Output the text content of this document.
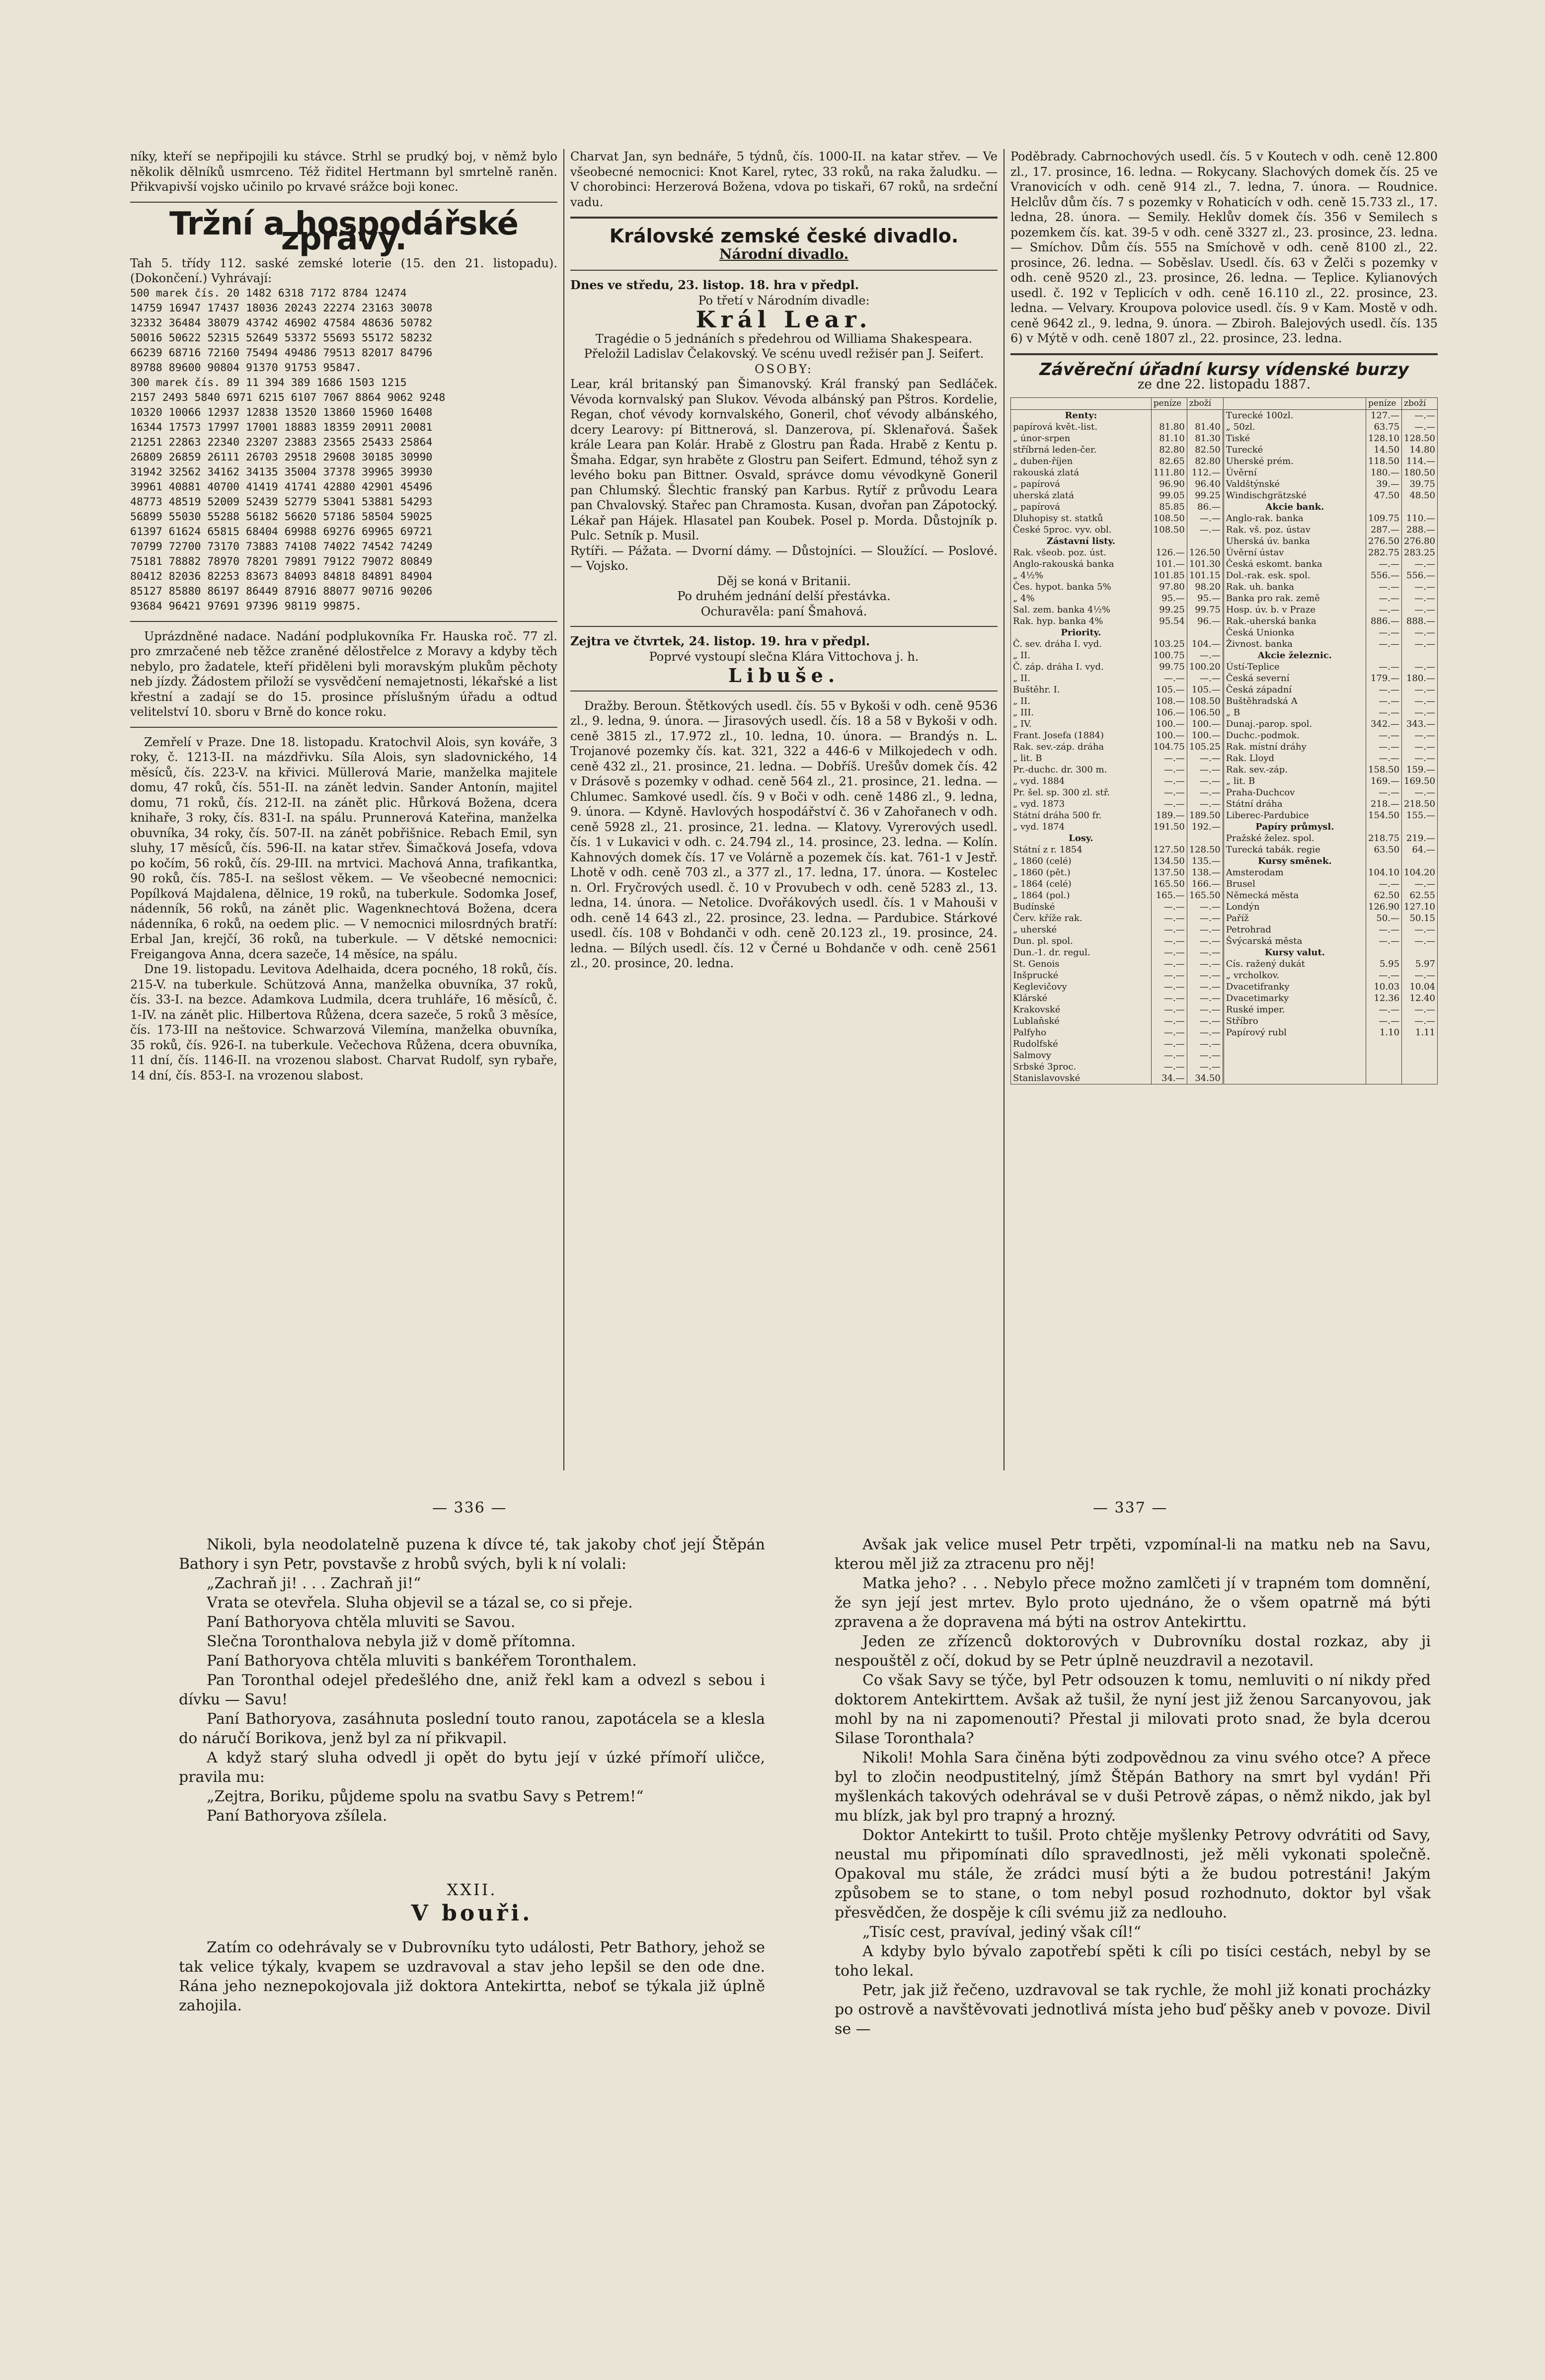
níky, kteří se nepřipojili ku stávce. Strhl se prudký boj, v němž bylo několik dělníků usmrceno. Též řiditel Hertmann byl smrtelně raněn. Přikvapivší vojsko učinilo po krvavé srážce boji konec.

Tržní a hospodářské zprávy.

Tah 5. třídy 112. saské zemské loterie (15. den 21. listopadu). (Dokončení.) Vyhrávají:

500 marek čís. 20 1482 6318 7172 8784 12474
14759 16947 17437 18036 20243 22274 23163 30078
32332 36484 38079 43742 46902 47584 48636 50782
50016 50622 52315 52649 53372 55693 55172 58232
66239 68716 72160 75494 49486 79513 82017 84796
89788 89600 90804 91370 91753 95847.
300 marek čís. 89 11 394 389 1686 1503 1215
2157 2493 5840 6971 6215 6107 7067 8864 9062 9248
10320 10066 12937 12838 13520 13860 15960 16408
16344 17573 17997 17001 18883 18359 20911 20081
21251 22863 22340 23207 23883 23565 25433 25864
26809 26859 26111 26703 29518 29608 30185 30990
31942 32562 34162 34135 35004 37378 39965 39930
39961 40881 40700 41419 41741 42880 42901 45496
48773 48519 52009 52439 52779 53041 53881 54293
56899 55030 55288 56182 56620 57186 58504 59025
61397 61624 65815 68404 69988 69276 69965 69721
70799 72700 73170 73883 74108 74022 74542 74249
75181 78882 78970 78201 79891 79122 79072 80849
80412 82036 82253 83673 84093 84818 84891 84904
85127 85880 86197 86449 87916 88077 90716 90206
93684 96421 97691 97396 98119 99875.

Uprázdněné nadace. Nadání podplukovníka Fr. Hauska roč. 77 zl. pro zmrzačené neb těžce zraněné dělostřelce z Moravy a kdyby těch nebylo, pro žadatele, kteří přiděleni byli moravským plukům pěchoty neb jízdy. Žádostem přiloží se vysvědčení nemajetnosti, lékařské a list křestní a zadají se do 15. prosince příslušným úřadu a odtud velitelství 10. sboru v Brně do konce roku.

Zemřelí v Praze. Dne 18. listopadu. Kratochvil Alois, syn kováře, 3 roky, č. 1213-II. na mázdřivku. Síla Alois, syn sladovnického, 14 měsíců, čís. 223-V. na křivici. Müllerová Marie, manželka majitele domu, 47 roků, čís. 551-II. na zánět ledvin. Sander Antonín, majitel domu, 71 roků, čís. 212-II. na zánět plic. Hůrková Božena, dcera knihaře, 3 roky, čís. 831-I. na spálu. Prunnerová Kateřina, manželka obuvníka, 34 roky, čís. 507-II. na zánět pobřišnice. Rebach Emil, syn sluhy, 17 měsíců, čís. 596-II. na katar střev. Šimačková Josefa, vdova po kočím, 56 roků, čís. 29-III. na mrtvici. Machová Anna, trafikantka, 90 roků, čís. 785-I. na sešlost věkem. — Ve všeobecné nemocnici: Popílková Majdalena, dělnice, 19 roků, na tuberkule. Sodomka Josef, nádenník, 56 roků, na zánět plic. Wagenknechtová Božena, dcera nádenníka, 6 roků, na oedem plic. — V nemocnici milosrdných bratří: Erbal Jan, krejčí, 36 roků, na tuberkule. — V dětské nemocnici: Freigangova Anna, dcera sazeče, 14 měsíce, na spálu.

Dne 19. listopadu. Levitova Adelhaida, dcera pocného, 18 roků, čís. 215-V. na tuberkule. Schützová Anna, manželka obuvníka, 37 roků, čís. 33-I. na bezce. Adamkova Ludmila, dcera truhláře, 16 měsíců, č. 1-IV. na zánět plic. Hilbertova Růžena, dcera sazeče, 5 roků 3 měsíce, čís. 173-III na neštovice. Schwarzová Vilemína, manželka obuvníka, 35 roků, čís. 926-I. na tuberkule. Večechova Růžena, dcera obuvníka, 11 dní, čís. 1146-II. na vrozenou slabost. Charvat Rudolf, syn rybaře, 14 dní, čís. 853-I. na vrozenou slabost.

Charvat Jan, syn bednáře, 5 týdnů, čís. 1000-II. na katar střev. — Ve všeobecné nemocnici: Knot Karel, rytec, 33 roků, na raka žaludku. — V chorobinci: Herzerová Božena, vdova po tiskaři, 67 roků, na srdeční vadu.

Královské zemské české divadlo.
Národní divadlo.

Dnes ve středu, 23. listop. 18. hra v předpl.

Po třetí v Národním divadle:

Král Lear.

Tragédie o 5 jednáních s předehrou od Williama Shakespeara.

Přeložil Ladislav Čelakovský. Ve scénu uvedl režisér pan J. Seifert.

OSOBY:

Lear, král britanský pan Šimanovský. Král franský pan Sedláček. Vévoda kornvalský pan Slukov. Vévoda albánský pan Pštros. Kordelie, Regan, choť vévody kornvalského, Goneril, choť vévody albánského, dcery Learovy: pí Bittnerová, sl. Danzerova, pí. Sklenařová. Šašek krále Leara pan Kolár. Hrabě z Glostru pan Řada. Hrabě z Kentu p. Šmaha. Edgar, syn hraběte z Glostru pan Seifert. Edmund, téhož syn z levého boku pan Bittner. Osvald, správce domu vévodkyně Goneril pan Chlumský. Šlechtic franský pan Karbus. Rytíř z průvodu Leara pan Chvalovský. Stařec pan Chramosta. Kusan, dvořan pan Zápotocký. Lékař pan Hájek. Hlasatel pan Koubek. Posel p. Morda. Důstojník p. Pulc. Setník p. Musil.

Rytíři. — Pážata. — Dvorní dámy. — Důstojníci. — Sloužící. — Poslové. — Vojsko.

Děj se koná v Britanii.

Po druhém jednání delší přestávka.

Ochuravěla: paní Šmahová.

Zejtra ve čtvrtek, 24. listop. 19. hra v předpl.

Poprvé vystoupí slečna Klára Vittochova j. h.

Libuše.

Dražby. Beroun. Štětkových usedl. čís. 55 v Bykoši v odh. ceně 9536 zl., 9. ledna, 9. února. — Jirasových usedl. čís. 18 a 58 v Bykoši v odh. ceně 3815 zl., 17.972 zl., 10. ledna, 10. února. — Brandýs n. L. Trojanové pozemky čís. kat. 321, 322 a 446-6 v Milkojedech v odh. ceně 432 zl., 21. prosince, 21. ledna. — Dobříš. Urešův domek čís. 42 v Drásově s pozemky v odhad. ceně 564 zl., 21. prosince, 21. ledna. — Chlumec. Samkové usedl. čís. 9 v Boči v odh. ceně 1486 zl., 9. ledna, 9. února. — Kdyně. Havlových hospodářství č. 36 v Zahořanech v odh. ceně 5928 zl., 21. prosince, 21. ledna. — Klatovy. Vyrerových usedl. čís. 1 v Lukavici v odh. c. 24.794 zl., 14. prosince, 23. ledna. — Kolín. Kahnových domek čís. 17 ve Volárně a pozemek čís. kat. 761-1 v Jestř. Lhotě v odh. ceně 703 zl., a 377 zl., 17. ledna, 17. února. — Kostelec n. Orl. Fryčrových usedl. č. 10 v Provubech v odh. ceně 5283 zl., 13. ledna, 14. února. — Netolice. Dvořákových usedl. čís. 1 v Mahouši v odh. ceně 14 643 zl., 22. prosince, 23. ledna. — Pardubice. Stárkové usedl. čís. 108 v Bohdanči v odh. ceně 20.123 zl., 19. prosince, 24. ledna. — Bílých usedl. čís. 12 v Černé u Bohdanče v odh. ceně 2561 zl., 20. prosince, 20. ledna.

Poděbrady. Cabrnochových usedl. čís. 5 v Koutech v odh. ceně 12.800 zl., 17. prosince, 16. ledna. — Rokycany. Slachových domek čís. 25 ve Vranovicích v odh. ceně 914 zl., 7. ledna, 7. února. — Roudnice. Helclův dům čís. 7 s pozemky v Rohaticích v odh. ceně 15.733 zl., 17. ledna, 28. února. — Semily. Heklův domek čís. 356 v Semilech s pozemkem čís. kat. 39-5 v odh. ceně 3327 zl., 23. prosince, 23. ledna. — Smíchov. Dům čís. 555 na Smíchově v odh. ceně 8100 zl., 22. prosince, 26. ledna. — Soběslav. Usedl. čís. 63 v Želči s pozemky v odh. ceně 9520 zl., 23. prosince, 26. ledna. — Teplice. Kylianových usedl. č. 192 v Teplicích v odh. ceně 16.110 zl., 22. prosince, 23. ledna. — Velvary. Kroupova polovice usedl. čís. 9 v Kam. Mostě v odh. ceně 9642 zl., 9. ledna, 9. února. — Zbiroh. Balejových usedl. čís. 135 6) v Mýtě v odh. ceně 1807 zl., 22. prosince, 23. ledna.

Závěreční úřadní kursy vídenské burzy
ze dne 22. listopadu 1887.
	peníze	zboží		peníze	zboží
Renty:			Turecké 100zl.	127.—	—.—
papírová květ.-list.	81.80	81.40	„ 50zl.	63.75	—.—
„ únor-srpen	81.10	81.30	Tiské	128.10	128.50
stříbrná leden-čer.	82.80	82.50	Turecké	14.50	14.80
„ duben-říjen	82.65	82.80	Uherské prém.	118.50	114.—
rakouská zlatá	111.80	112.—	Úvěrní	180.—	180.50
„ papírová	96.90	96.40	Valdštýnské	39.—	39.75
uherská zlatá	99.05	99.25	Windischgrätzské	47.50	48.50
„ papírová	85.85	86.—	Akcie bank.		
Dluhopisy st. statků	108.50	—.—	Anglo-rak. banka	109.75	110.—
České 5proc. vyv. obl.	108.50	—.—	Rak. vš. poz. ústav	287.—	288.—
Zástavní listy.			Uherská úv. banka	276.50	276.80
Rak. všeob. poz. úst.	126.—	126.50	Úvěrní ústav	282.75	283.25
Anglo-rakouská banka	101.—	101.30	Česká eskomt. banka	—.—	—.—
„ 4½%	101.85	101.15	Dol.-rak. esk. spol.	556.—	556.—
Čes. hypot. banka 5%	97.80	98.20	Rak. uh. banka	—.—	—.—
„ 4%	95.—	95.—	Banka pro rak. země	—.—	—.—
Sal. zem. banka 4½%	99.25	99.75	Hosp. úv. b. v Praze	—.—	—.—
Rak. hyp. banka 4%	95.54	96.—	Rak.-uherská banka	886.—	888.—
Priority.			Česká Unionka	—.—	—.—
Č. sev. dráha I. vyd.	103.25	104.—	Živnost. banka	—.—	—.—
„ II.	100.75	—.—	Akcie železnic.		
Č. záp. dráha I. vyd.	99.75	100.20	Ústí-Teplice	—.—	—.—
„ II.	—.—	—.—	Česká severní	179.—	180.—
Buštěhr. I.	105.—	105.—	Česká západní	—.—	—.—
„ II.	108.—	108.50	Buštěhradská A	—.—	—.—
„ III.	106.—	106.50	„ B	—.—	—.—
„ IV.	100.—	100.—	Dunaj.-parop. spol.	342.—	343.—
Frant. Josefa (1884)	100.—	100.—	Duchc.-podmok.	—.—	—.—
Rak. sev.-záp. dráha	104.75	105.25	Rak. místní dráhy	—.—	—.—
„ lit. B	—.—	—.—	Rak. Lloyd	—.—	—.—
Pr.-duchc. dr. 300 m.	—.—	—.—	Rak. sev.-záp.	158.50	159.—
„ vyd. 1884	—.—	—.—	„ lit. B	169.—	169.50
Pr. šel. sp. 300 zl. stř.	—.—	—.—	Praha-Duchcov	—.—	—.—
„ vyd. 1873	—.—	—.—	Státní dráha	218.—	218.50
Státní dráha 500 fr.	189.—	189.50	Liberec-Pardubice	154.50	155.—
„ vyd. 1874	191.50	192.—	Papíry průmysl.		
Losy.			Pražské želez. spol.	218.75	219.—
Státní z r. 1854	127.50	128.50	Turecká tabák. regie	63.50	64.—
„ 1860 (celé)	134.50	135.—	Kursy směnek.		
„ 1860 (pět.)	137.50	138.—	Amsterodam	104.10	104.20
„ 1864 (celé)	165.50	166.—	Brusel	—.—	—.—
„ 1864 (pol.)	165.—	165.50	Německá města	62.50	62.55
Budínské	—.—	—.—	Londýn	126.90	127.10
Červ. kříže rak.	—.—	—.—	Paříž	50.—	50.15
„ uherské	—.—	—.—	Petrohrad	—.—	—.—
Dun. pl. spol.	—.—	—.—	Švýcarská města	—.—	—.—
Dun.-1. dr. regul.	—.—	—.—	Kursy valut.		
St. Genois	—.—	—.—	Cís. ražený dukát	5.95	5.97
Inšprucké	—.—	—.—	„ vrcholkov.	—.—	—.—
Keglevičovy	—.—	—.—	Dvacetifranky	10.03	10.04
Klárské	—.—	—.—	Dvacetimarky	12.36	12.40
Krakovské	—.—	—.—	Ruské imper.	—.—	—.—
Lublaňské	—.—	—.—	Stříbro	—.—	—.—
Palfyho	—.—	—.—	Papírový rubl	1.10	1.11
Rudolfské	—.—	—.—			
Salmovy	—.—	—.—			
Srbské 3proc.	—.—	—.—			
Stanislavovské	34.—	34.50			
— 336 —	— 337 —

Nikoli, byla neodolatelně puzena k dívce té, tak jakoby choť její Štěpán Bathory i syn Petr, povstavše z hrobů svých, byli k ní volali:

„Zachraň ji! . . . Zachraň ji!“

Vrata se otevřela. Sluha objevil se a tázal se, co si přeje.

Paní Bathoryova chtěla mluviti se Savou.

Slečna Toronthalova nebyla již v domě přítomna.

Paní Bathoryova chtěla mluviti s bankéřem Toronthalem.

Pan Toronthal odejel předešlého dne, aniž řekl kam a odvezl s sebou i dívku — Savu!

Paní Bathoryova, zasáhnuta poslední touto ranou, zapotácela se a klesla do náručí Borikova, jenž byl za ní přikvapil.

A když starý sluha odvedl ji opět do bytu její v úzké přímoří uličce, pravila mu:

„Zejtra, Boriku, půjdeme spolu na svatbu Savy s Petrem!“

Paní Bathoryova zšílela.

XXII.
V bouři.

Zatím co odehrávaly se v Dubrovníku tyto události, Petr Bathory, jehož se tak velice týkaly, kvapem se uzdravoval a stav jeho lepšil se den ode dne. Rána jeho neznepokojovala již doktora Antekirtta, neboť se týkala již úplně zahojila.

Avšak jak velice musel Petr trpěti, vzpomínal-li na matku neb na Savu, kterou měl již za ztracenu pro něj!

Matka jeho? . . . Nebylo přece možno zamlčeti jí v trapném tom domnění, že syn její jest mrtev. Bylo proto ujednáno, že o všem opatrně má býti zpravena a že dopravena má býti na ostrov Antekirttu.

Jeden ze zřízenců doktorových v Dubrovníku dostal rozkaz, aby ji nespouštěl z očí, dokud by se Petr úplně neuzdravil a nezotavil.

Co však Savy se týče, byl Petr odsouzen k tomu, nemluviti o ní nikdy před doktorem Antekirttem. Avšak až tušil, že nyní jest již ženou Sarcanyovou, jak mohl by na ni zapomenouti? Přestal ji milovati proto snad, že byla dcerou Silase Toronthala?

Nikoli! Mohla Sara činěna býti zodpovědnou za vinu svého otce? A přece byl to zločin neodpustitelný, jímž Štěpán Bathory na smrt byl vydán! Při myšlenkách takových odehrával se v duši Petrově zápas, o němž nikdo, jak byl mu blízk, jak byl pro trapný a hrozný.

Doktor Antekirtt to tušil. Proto chtěje myšlenky Petrovy odvrátiti od Savy, neustal mu připomínati dílo spravedlnosti, jež měli vykonati společně. Opakoval mu stále, že zrádci musí býti a že budou potrestáni! Jakým způsobem se to stane, o tom nebyl posud rozhodnuto, doktor byl však přesvědčen, že dospěje k cíli svému již za nedlouho.

„Tisíc cest, pravíval, jediný však cíl!“

A kdyby bylo bývalo zapotřebí spěti k cíli po tisíci cestách, nebyl by se toho lekal.

Petr, jak již řečeno, uzdravoval se tak rychle, že mohl již konati procházky po ostrově a navštěvovati jednotlivá místa jeho buď pěšky aneb v povoze. Divil se —
